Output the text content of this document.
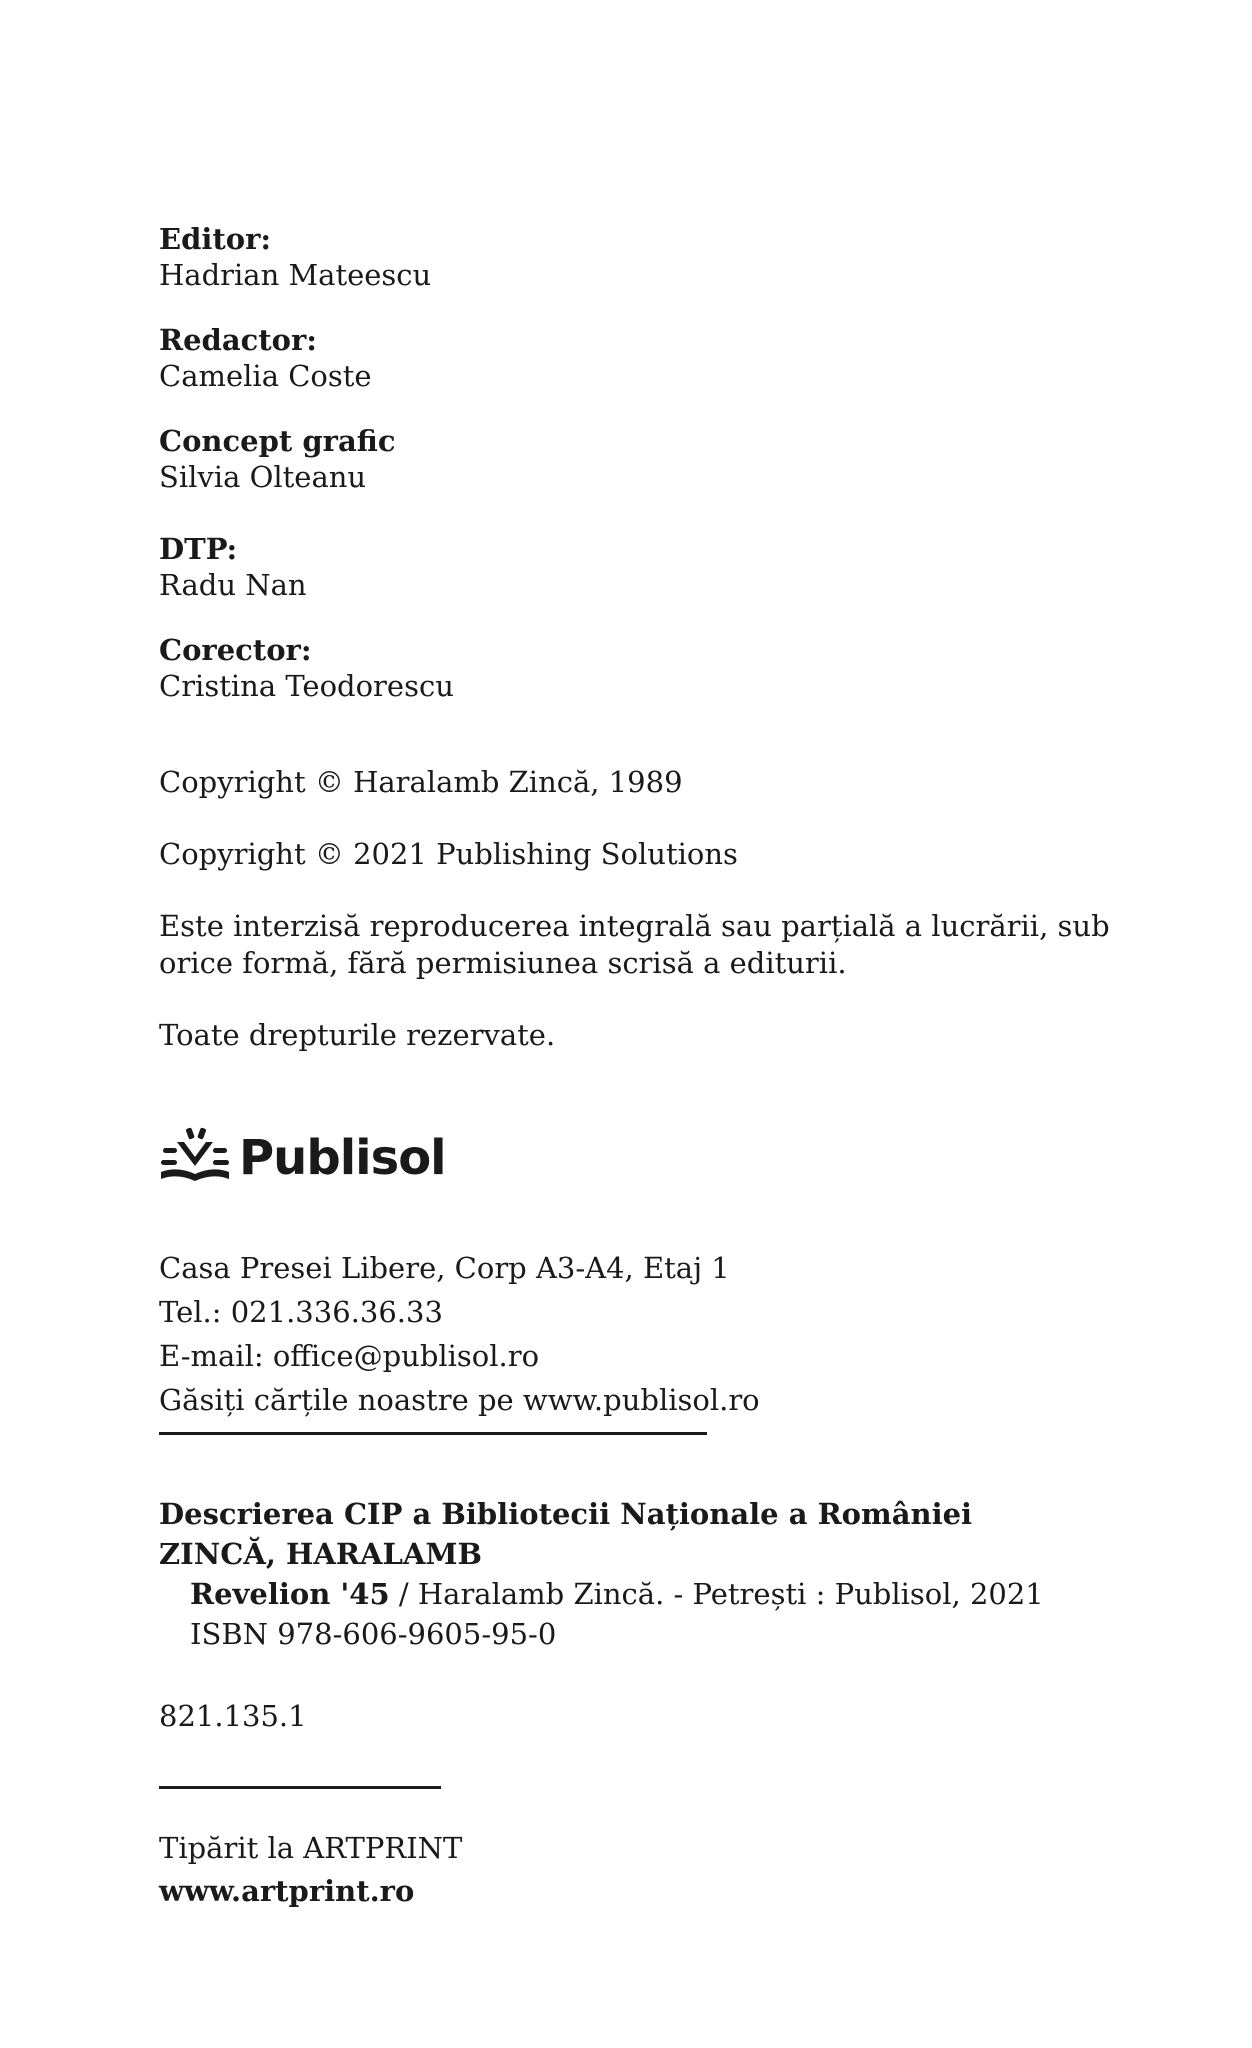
Editor:
Hadrian Mateescu
Redactor:
Camelia Coste
Concept grafic
Silvia Olteanu
DTP:
Radu Nan
Corector:
Cristina Teodorescu
Copyright © Haralamb Zincă, 1989
Copyright © 2021 Publishing Solutions
Este interzisă reproducerea integrală sau parțială a lucrării, sub
orice formă, fără permisiunea scrisă a editurii.
Toate drepturile rezervate.
Publisol
Casa Presei Libere, Corp A3-A4, Etaj 1
Tel.: 021.336.36.33
E-mail: office@publisol.ro
Găsiți cărțile noastre pe www.publisol.ro
Descrierea CIP a Bibliotecii Naționale a României
ZINCĂ, HARALAMB
Revelion '45 / Haralamb Zincă. - Petrești : Publisol, 2021
ISBN 978-606-9605-95-0
821.135.1
Tipărit la ARTPRINT
www.artprint.ro
